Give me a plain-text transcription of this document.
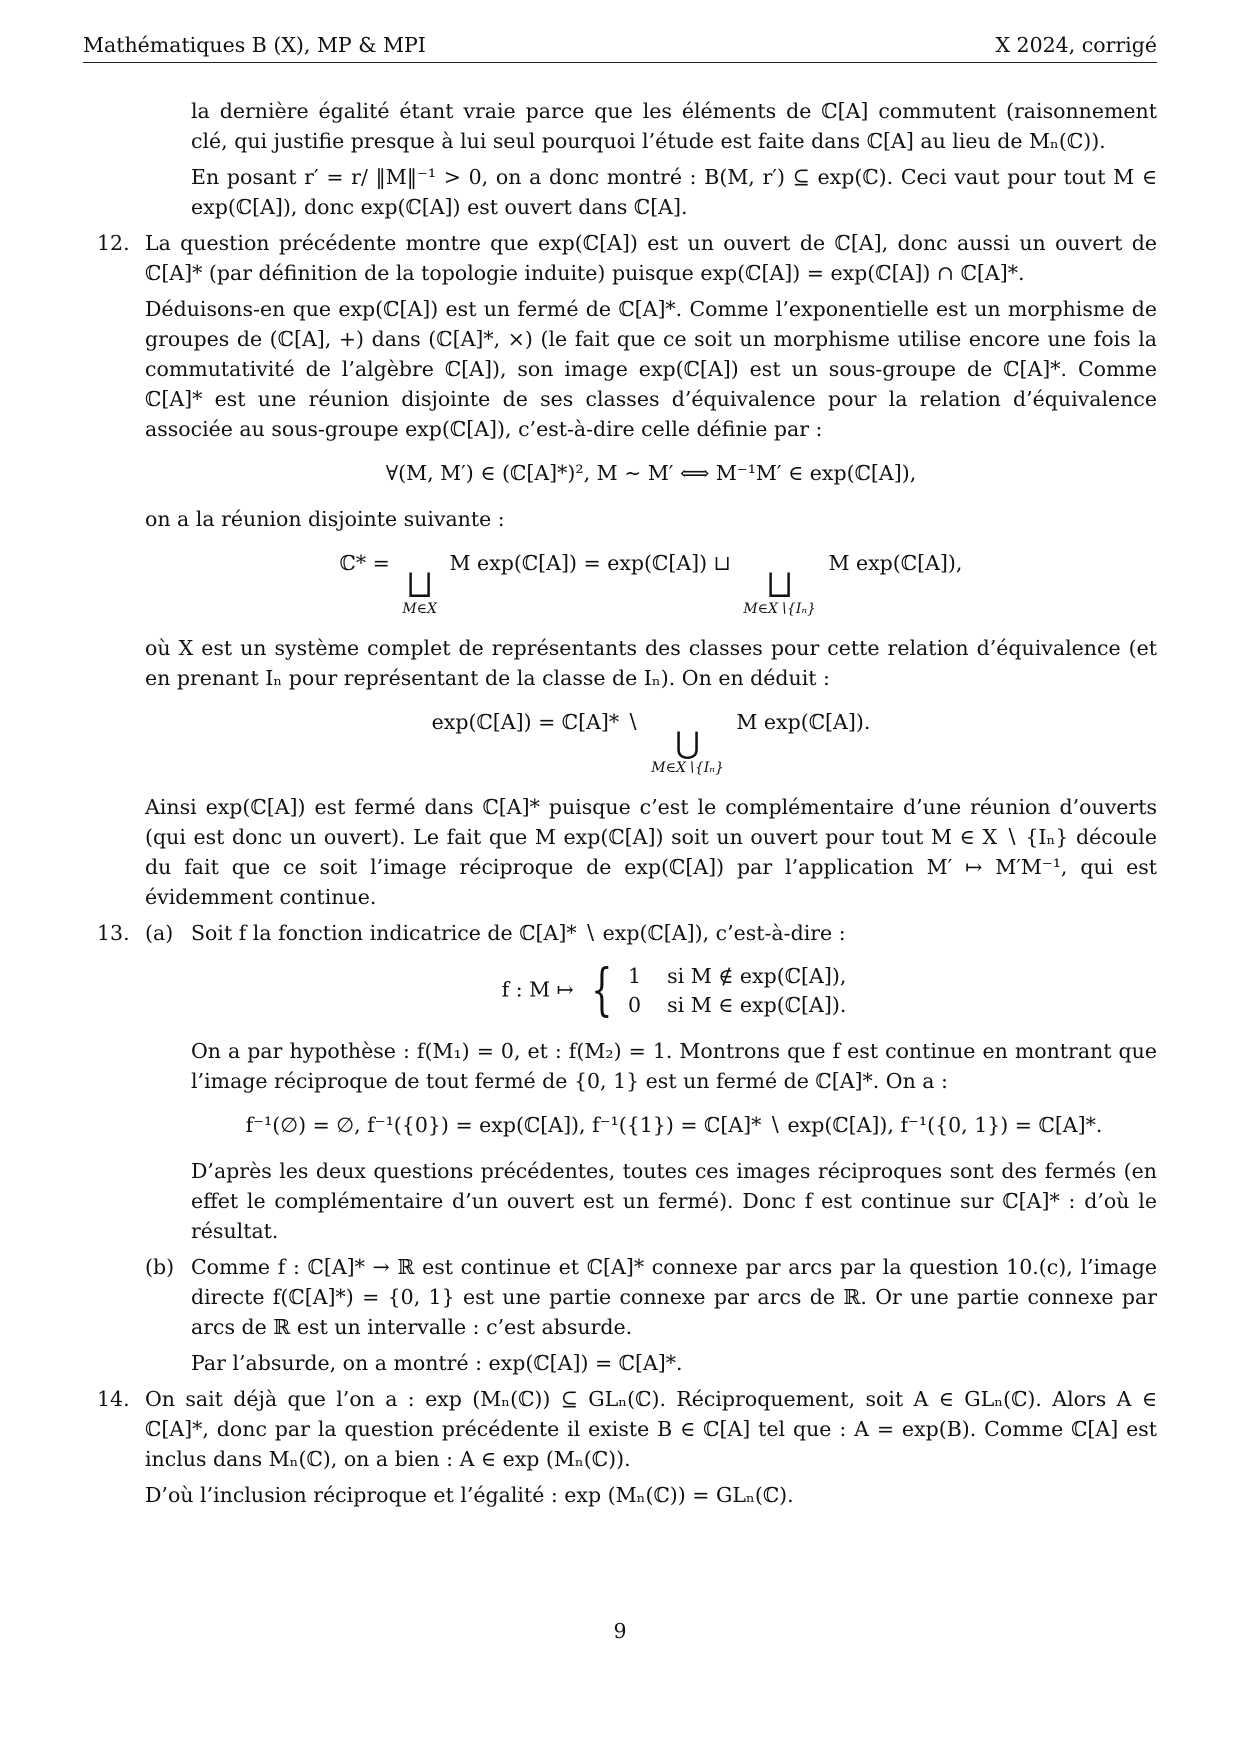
Mathématiques B (X), MP & MPI	X 2024, corrigé

la dernière égalité étant vraie parce que les éléments de ℂ[A] commutent (raisonnement clé, qui justifie presque à lui seul pourquoi l’étude est faite dans ℂ[A] au lieu de Mₙ(ℂ)).

En posant r′ = r/ ‖M‖⁻¹ > 0, on a donc montré : B(M, r′) ⊆ exp(ℂ). Ceci vaut pour tout M ∈ exp(ℂ[A]), donc exp(ℂ[A]) est ouvert dans ℂ[A].

12. La question précédente montre que exp(ℂ[A]) est un ouvert de ℂ[A], donc aussi un ouvert de ℂ[A]* (par définition de la topologie induite) puisque exp(ℂ[A]) = exp(ℂ[A]) ∩ ℂ[A]*.

Déduisons-en que exp(ℂ[A]) est un fermé de ℂ[A]*. Comme l’exponentielle est un morphisme de groupes de (ℂ[A], +) dans (ℂ[A]*, ×) (le fait que ce soit un morphisme utilise encore une fois la commutativité de l’algèbre ℂ[A]), son image exp(ℂ[A]) est un sous-groupe de ℂ[A]*. Comme ℂ[A]* est une réunion disjointe de ses classes d’équivalence pour la relation d’équivalence associée au sous-groupe exp(ℂ[A]), c’est-à-dire celle définie par :

∀(M, M′) ∈ (ℂ[A]*)², M ∼ M′ ⟺ M⁻¹M′ ∈ exp(ℂ[A]),

on a la réunion disjointe suivante :

ℂ* =
⨆
M∈X
M exp(ℂ[A]) = exp(ℂ[A]) ⊔
⨆
M∈X∖{Iₙ}
M exp(ℂ[A]),

où X est un système complet de représentants des classes pour cette relation d’équivalence (et en prenant Iₙ pour représentant de la classe de Iₙ). On en déduit :

exp(ℂ[A]) = ℂ[A]* ∖
⋃
M∈X∖{Iₙ}
M exp(ℂ[A]).

Ainsi exp(ℂ[A]) est fermé dans ℂ[A]* puisque c’est le complémentaire d’une réunion d’ouverts (qui est donc un ouvert). Le fait que M exp(ℂ[A]) soit un ouvert pour tout M ∈ X ∖ {Iₙ} découle du fait que ce soit l’image réciproque de exp(ℂ[A]) par l’application M′ ↦ M′M⁻¹, qui est évidemment continue.

13. (a) Soit f la fonction indicatrice de ℂ[A]* ∖ exp(ℂ[A]), c’est-à-dire :

f : M ↦ { 1    si M ∉ exp(ℂ[A]),
0    si M ∈ exp(ℂ[A]).

On a par hypothèse : f(M₁) = 0, et : f(M₂) = 1. Montrons que f est continue en montrant que l’image réciproque de tout fermé de {0, 1} est un fermé de ℂ[A]*. On a :

f⁻¹(∅) = ∅, f⁻¹({0}) = exp(ℂ[A]), f⁻¹({1}) = ℂ[A]* ∖ exp(ℂ[A]), f⁻¹({0, 1}) = ℂ[A]*.

D’après les deux questions précédentes, toutes ces images réciproques sont des fermés (en effet le complémentaire d’un ouvert est un fermé). Donc f est continue sur ℂ[A]* : d’où le résultat.

(b) Comme f : ℂ[A]* → ℝ est continue et ℂ[A]* connexe par arcs par la question 10.(c), l’image directe f(ℂ[A]*) = {0, 1} est une partie connexe par arcs de ℝ. Or une partie connexe par arcs de ℝ est un intervalle : c’est absurde.

Par l’absurde, on a montré : exp(ℂ[A]) = ℂ[A]*.

14. On sait déjà que l’on a : exp (Mₙ(ℂ)) ⊆ GLₙ(ℂ). Réciproquement, soit A ∈ GLₙ(ℂ). Alors A ∈ ℂ[A]*, donc par la question précédente il existe B ∈ ℂ[A] tel que : A = exp(B). Comme ℂ[A] est inclus dans Mₙ(ℂ), on a bien : A ∈ exp (Mₙ(ℂ)).

D’où l’inclusion réciproque et l’égalité : exp (Mₙ(ℂ)) = GLₙ(ℂ).

9
